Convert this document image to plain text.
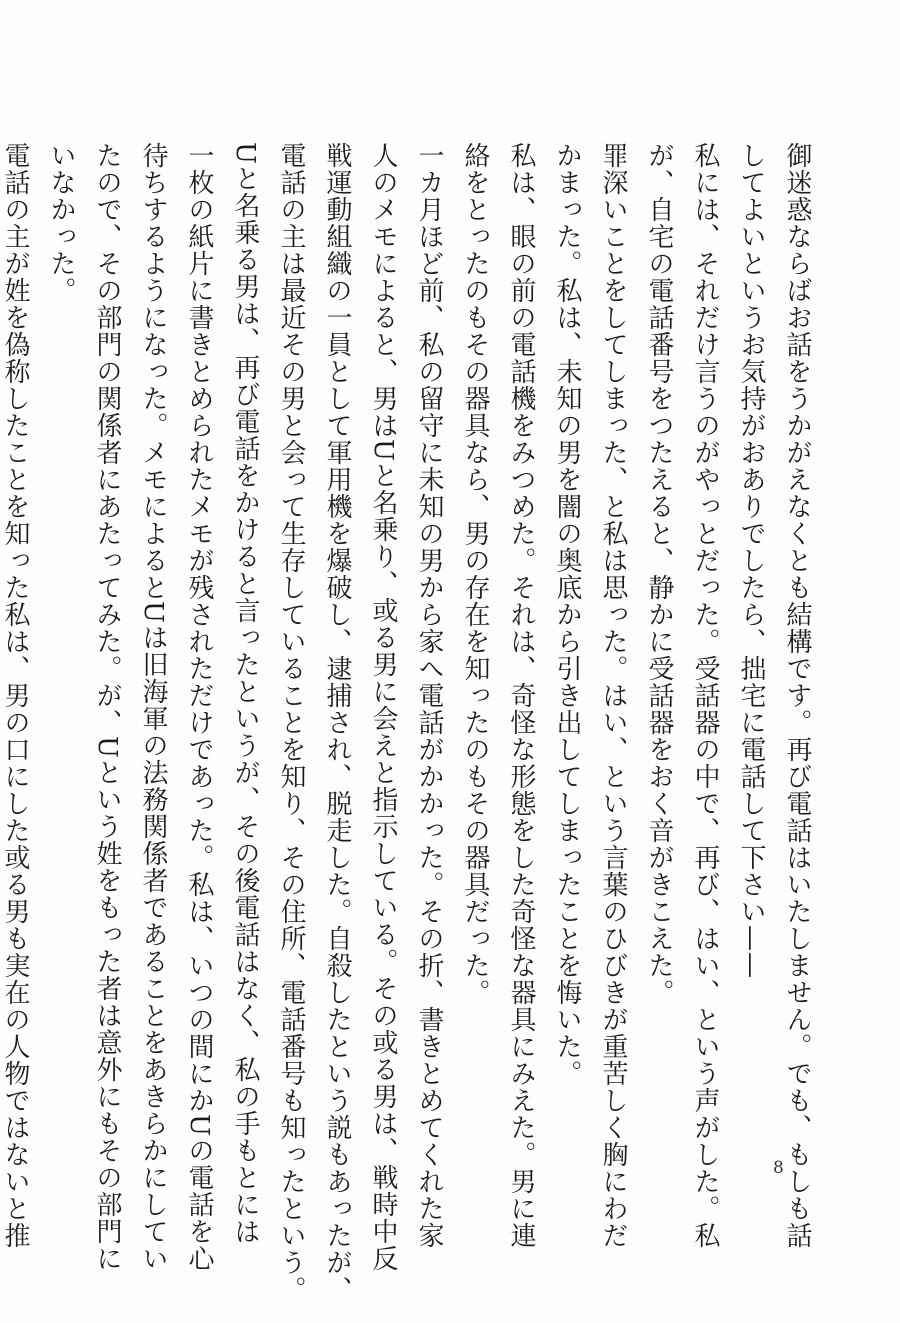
御迷惑ならばお話をうかがえなくとも結構です。再び電話はいたしません。でも、もしも話
してよいというお気持がおありでしたら、拙宅に電話して下さい——
私には、それだけ言うのがやっとだった。受話器の中で、再び、はい、という声がした。私
が、自宅の電話番号をつたえると、静かに受話器をおく音がきこえた。
罪深いことをしてしまった、と私は思った。はい、という言葉のひびきが重苦しく胸にわだ
かまった。私は、未知の男を闇の奥底から引き出してしまったことを悔いた。
私は、眼の前の電話機をみつめた。それは、奇怪な形態をした奇怪な器具にみえた。男に連
絡をとったのもその器具なら、男の存在を知ったのもその器具だった。
一カ月ほど前、私の留守に未知の男から家へ電話がかかった。その折、書きとめてくれた家
人のメモによると、男はUと名乗り、或る男に会えと指示している。その或る男は、戦時中反
戦運動組織の一員として軍用機を爆破し、逮捕され、脱走した。自殺したという説もあったが、
電話の主は最近その男と会って生存していることを知り、その住所、電話番号も知ったという。
Uと名乗る男は、再び電話をかけると言ったというが、その後電話はなく、私の手もとには
一枚の紙片に書きとめられたメモが残されただけであった。私は、いつの間にかUの電話を心
待ちするようになった。メモによるとUは旧海軍の法務関係者であることをあきらかにしてい
たので、その部門の関係者にあたってみた。が、Uという姓をもった者は意外にもその部門に
いなかった。
電話の主が姓を偽称したことを知った私は、男の口にした或る男も実在の人物ではないと推	8
